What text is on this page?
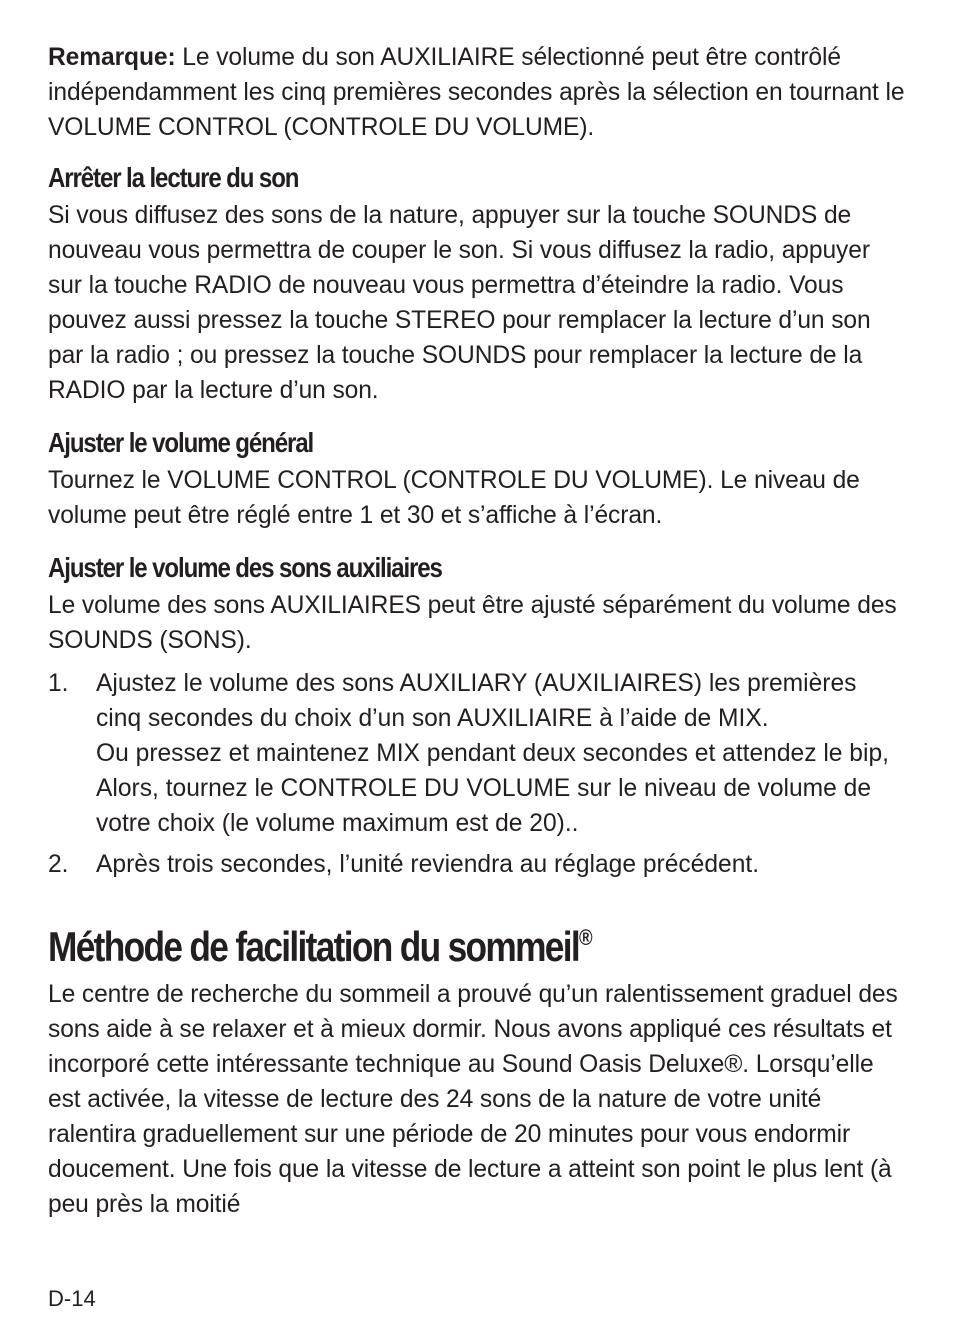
Remarque: Le volume du son AUXILIAIRE sélectionné peut être contrôlé indépendamment les cinq premières secondes après la sélection en tournant le VOLUME CONTROL (CONTROLE DU VOLUME).

Arrêter la lecture du son

Si vous diffusez des sons de la nature, appuyer sur la touche SOUNDS de nouveau vous permettra de couper le son. Si vous diffusez la radio, appuyer sur la touche RADIO de nouveau vous permettra d’éteindre la radio. Vous pouvez aussi pressez la touche STEREO pour remplacer la lecture d’un son par la radio ; ou pressez la touche SOUNDS pour remplacer la lecture de la RADIO par la lecture d’un son.

Ajuster le volume général

Tournez le VOLUME CONTROL (CONTROLE DU VOLUME). Le niveau de volume peut être réglé entre 1 et 30 et s’affiche à l’écran.

Ajuster le volume des sons auxiliaires

Le volume des sons AUXILIAIRES peut être ajusté séparément du volume des SOUNDS (SONS).

1. Ajustez le volume des sons AUXILIARY (AUXILIAIRES) les premières cinq secondes du choix d’un son AUXILIAIRE à l’aide de MIX.
Ou pressez et maintenez MIX pendant deux secondes et attendez le bip, Alors, tournez le CONTROLE DU VOLUME sur le niveau de volume de votre choix (le volume maximum est de 20)..
2. Après trois secondes, l’unité reviendra au réglage précédent.
Méthode de facilitation du sommeil®

Le centre de recherche du sommeil a prouvé qu’un ralentissement graduel des sons aide à se relaxer et à mieux dormir. Nous avons appliqué ces résultats et incorporé cette intéressante technique au Sound Oasis Deluxe®. Lorsqu’elle est activée, la vitesse de lecture des 24 sons de la nature de votre unité ralentira graduellement sur une période de 20 minutes pour vous endormir doucement. Une fois que la vitesse de lecture a atteint son point le plus lent (à peu près la moitié

D-14
